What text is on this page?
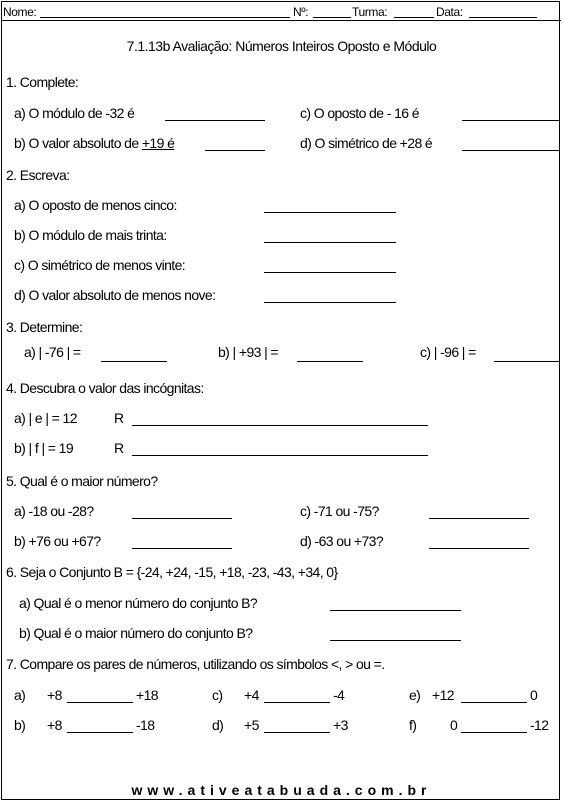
Nome:	Nº:	Turma:	Data:
7.1.13b Avaliação: Números Inteiros Oposto e Módulo
1. Complete:
a) O módulo de -32 é	c) O oposto de - 16 é
b) O valor absoluto de +19 é	d) O simétrico de +28 é
2. Escreva:
a) O oposto de menos cinco:
b) O módulo de mais trinta:
c) O simétrico de menos vinte:
d) O valor absoluto de menos nove:
3. Determine:
a) | -76 | =	b) | +93 | =	c) | -96 | =
4. Descubra o valor das incógnitas:
a) | e | = 12	R
b) | f | = 19	R
5. Qual é o maior número?
a) -18 ou -28?	c) -71 ou -75?
b) +76 ou +67?	d) -63 ou +73?
6. Seja o Conjunto B = {-24, +24, -15, +18, -23, -43, +34, 0}
a) Qual é o menor número do conjunto B?
b) Qual é o maior número do conjunto B?
7. Compare os pares de números, utilizando os símbolos <, > ou =.
a) +8	+18	c) +4	-4	e) +12	0
b) +8	-18	d) +5	+3	f) 0	-12
www.ativeatabuada.com.br
